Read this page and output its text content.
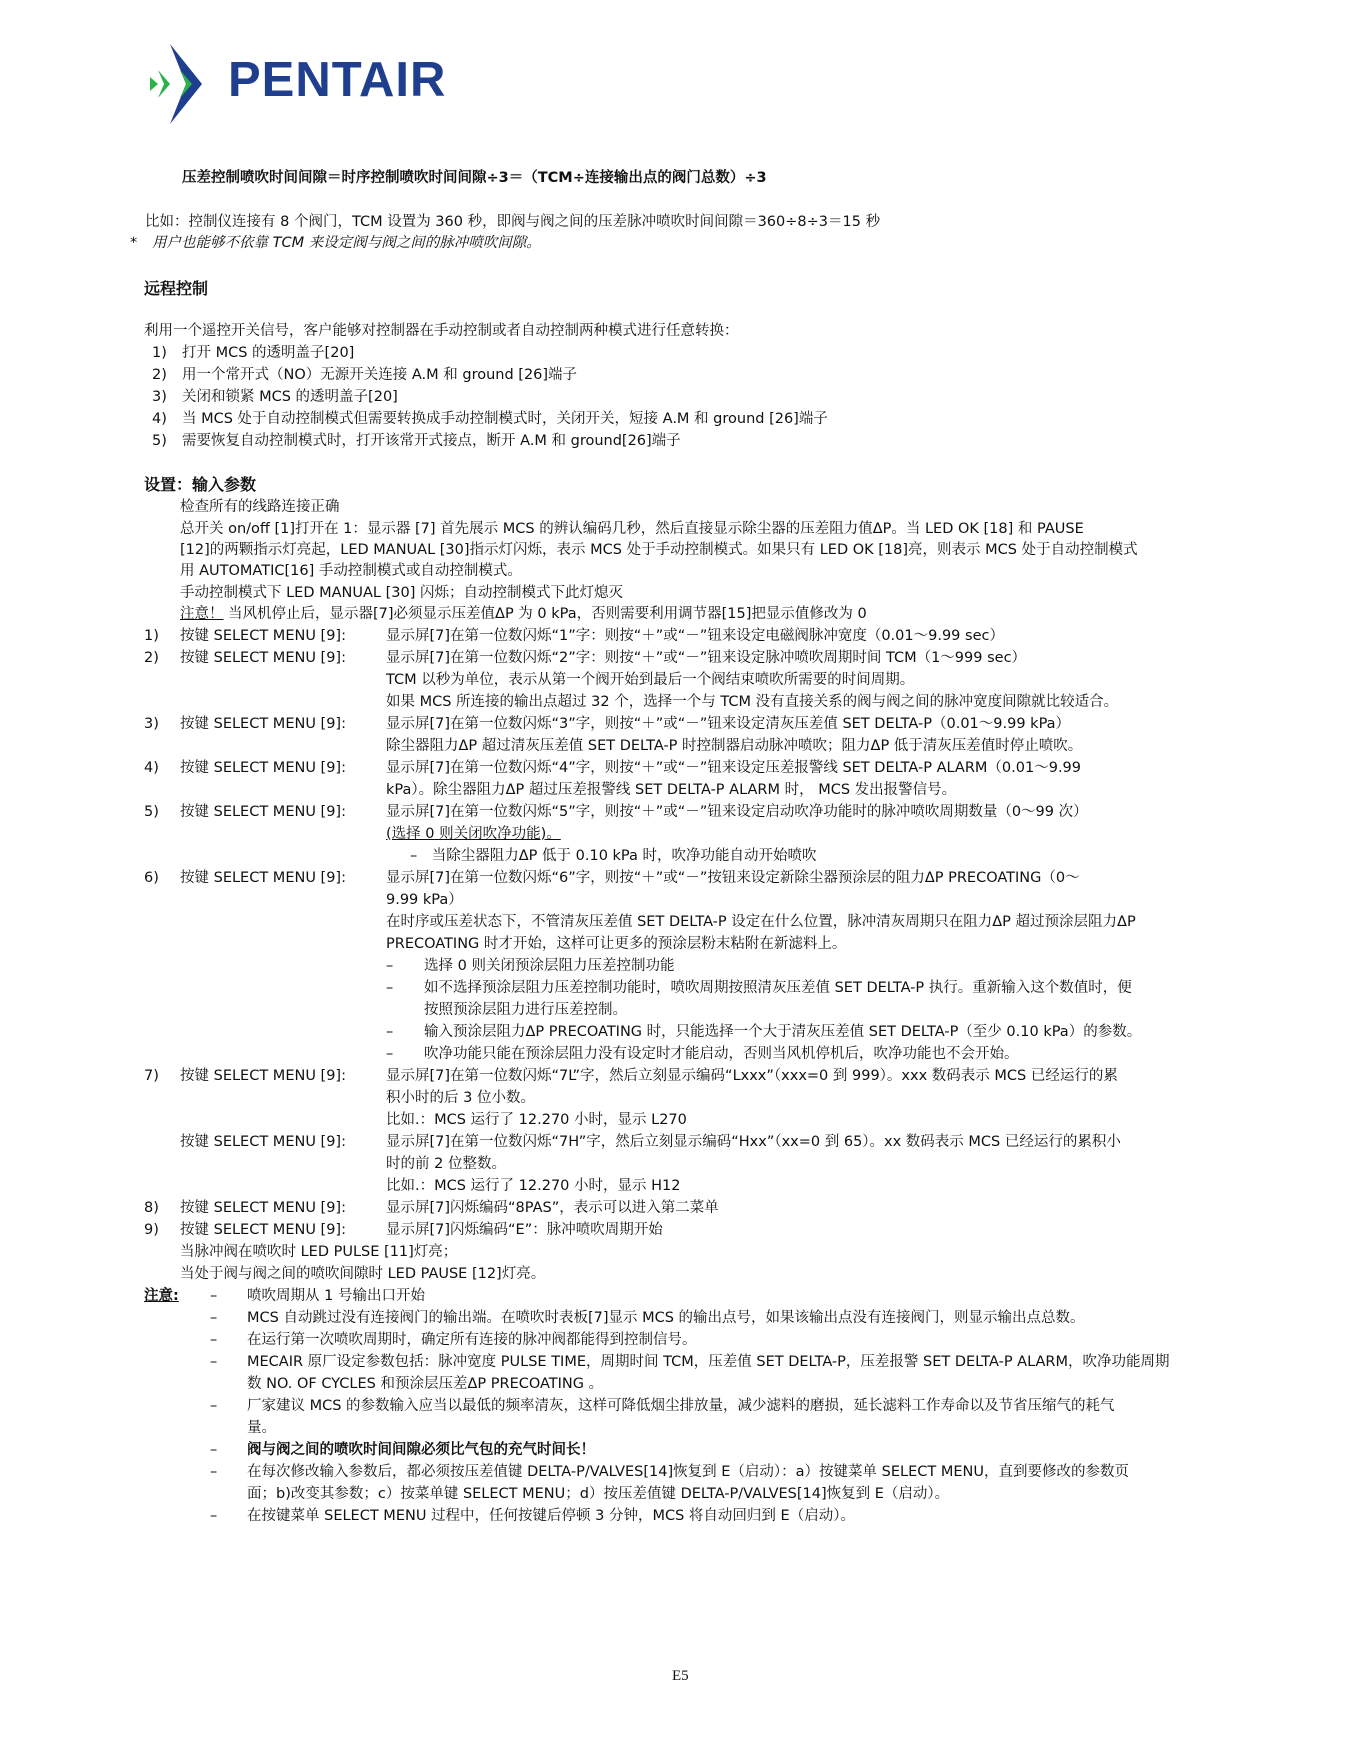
PENTAIR
压差控制喷吹时间间隙＝时序控制喷吹时间间隙÷3＝（TCM÷连接输出点的阀门总数）÷3
比如：控制仪连接有 8 个阀门，TCM 设置为 360 秒，即阀与阀之间的压差脉冲喷吹时间间隙＝360÷8÷3＝15 秒
* 用户也能够不依靠 TCM 来设定阀与阀之间的脉冲喷吹间隙。
远程控制
利用一个遥控开关信号，客户能够对控制器在手动控制或者自动控制两种模式进行任意转换：
1) 打开 MCS 的透明盖子[20]
2) 用一个常开式（NO）无源开关连接 A.M 和 ground [26]端子
3) 关闭和锁紧 MCS 的透明盖子[20]
4) 当 MCS 处于自动控制模式但需要转换成手动控制模式时，关闭开关，短接 A.M 和 ground [26]端子
5) 需要恢复自动控制模式时，打开该常开式接点，断开 A.M 和 ground[26]端子
设置：输入参数
检查所有的线路连接正确
总开关 on/off [1]打开在 1：显示器 [7] 首先展示 MCS 的辨认编码几秒，然后直接显示除尘器的压差阻力值ΔP。当 LED OK [18] 和 PAUSE
[12]的两颗指示灯亮起，LED MANUAL [30]指示灯闪烁，表示 MCS 处于手动控制模式。如果只有 LED OK [18]亮，则表示 MCS 处于自动控制模式
用 AUTOMATIC[16] 手动控制模式或自动控制模式。
手动控制模式下 LED MANUAL [30] 闪烁；自动控制模式下此灯熄灭
注意！ 当风机停止后，显示器[7]必须显示压差值ΔP 为 0 kPa，否则需要利用调节器[15]把显示值修改为 0
1) 按键 SELECT MENU [9]:	显示屏[7]在第一位数闪烁“1”字：则按“＋”或“－”钮来设定电磁阀脉冲宽度（0.01～9.99 sec）
2) 按键 SELECT MENU [9]:	显示屏[7]在第一位数闪烁“2”字：则按“＋”或“－”钮来设定脉冲喷吹周期时间 TCM（1～999 sec）
TCM 以秒为单位，表示从第一个阀开始到最后一个阀结束喷吹所需要的时间周期。
如果 MCS 所连接的输出点超过 32 个，选择一个与 TCM 没有直接关系的阀与阀之间的脉冲宽度间隙就比较适合。
3) 按键 SELECT MENU [9]:	显示屏[7]在第一位数闪烁“3”字，则按“＋”或“－”钮来设定清灰压差值 SET DELTA-P（0.01～9.99 kPa）
除尘器阻力ΔP 超过清灰压差值 SET DELTA-P 时控制器启动脉冲喷吹；阻力ΔP 低于清灰压差值时停止喷吹。
4) 按键 SELECT MENU [9]:	显示屏[7]在第一位数闪烁“4”字，则按“＋”或“－”钮来设定压差报警线 SET DELTA-P ALARM（0.01～9.99
kPa）。除尘器阻力ΔP 超过压差报警线 SET DELTA-P ALARM 时， MCS 发出报警信号。
5) 按键 SELECT MENU [9]:	显示屏[7]在第一位数闪烁“5”字，则按“＋”或“－”钮来设定启动吹净功能时的脉冲喷吹周期数量（0～99 次）
(选择 0 则关闭吹净功能)。
–　当除尘器阻力ΔP 低于 0.10 kPa 时，吹净功能自动开始喷吹
6) 按键 SELECT MENU [9]:	显示屏[7]在第一位数闪烁“6”字，则按“＋”或“－”按钮来设定新除尘器预涂层的阻力ΔP PRECOATING（0～
9.99 kPa）
在时序或压差状态下，不管清灰压差值 SET DELTA-P 设定在什么位置，脉冲清灰周期只在阻力ΔP 超过预涂层阻力ΔP
PRECOATING 时才开始，这样可让更多的预涂层粉末粘附在新滤料上。
– 选择 0 则关闭预涂层阻力压差控制功能
– 如不选择预涂层阻力压差控制功能时，喷吹周期按照清灰压差值 SET DELTA-P 执行。重新输入这个数值时，便
按照预涂层阻力进行压差控制。
– 输入预涂层阻力ΔP PRECOATING 时，只能选择一个大于清灰压差值 SET DELTA-P（至少 0.10 kPa）的参数。
– 吹净功能只能在预涂层阻力没有设定时才能启动，否则当风机停机后，吹净功能也不会开始。
7) 按键 SELECT MENU [9]:	显示屏[7]在第一位数闪烁“7L”字，然后立刻显示编码“Lxxx”（xxx=0 到 999）。xxx 数码表示 MCS 已经运行的累
积小时的后 3 位小数。
比如.：MCS 运行了 12.270 小时，显示 L270
按键 SELECT MENU [9]:	显示屏[7]在第一位数闪烁“7H”字，然后立刻显示编码“Hxx”（xx=0 到 65）。xx 数码表示 MCS 已经运行的累积小
时的前 2 位整数。
比如.：MCS 运行了 12.270 小时，显示 H12
8) 按键 SELECT MENU [9]:	显示屏[7]闪烁编码“8PAS”，表示可以进入第二菜单
9) 按键 SELECT MENU [9]:	显示屏[7]闪烁编码“E”：脉冲喷吹周期开始
当脉冲阀在喷吹时 LED PULSE [11]灯亮；
当处于阀与阀之间的喷吹间隙时 LED PAUSE [12]灯亮。
注意: – 喷吹周期从 1 号输出口开始
– MCS 自动跳过没有连接阀门的输出端。在喷吹时表板[7]显示 MCS 的输出点号，如果该输出点没有连接阀门，则显示输出点总数。
– 在运行第一次喷吹周期时，确定所有连接的脉冲阀都能得到控制信号。
– MECAIR 原厂设定参数包括：脉冲宽度 PULSE TIME，周期时间 TCM，压差值 SET DELTA-P，压差报警 SET DELTA-P ALARM，吹净功能周期
数 NO. OF CYCLES 和预涂层压差ΔP PRECOATING 。
– 厂家建议 MCS 的参数输入应当以最低的频率清灰，这样可降低烟尘排放量，减少滤料的磨损，延长滤料工作寿命以及节省压缩气的耗气
量。
– 阀与阀之间的喷吹时间间隙必须比气包的充气时间长！
– 在每次修改输入参数后，都必须按压差值键 DELTA-P/VALVES[14]恢复到 E（启动）：a）按键菜单 SELECT MENU，直到要修改的参数页
面；b)改变其参数；c）按菜单键 SELECT MENU；d）按压差值键 DELTA-P/VALVES[14]恢复到 E（启动）。
– 在按键菜单 SELECT MENU 过程中，任何按键后停顿 3 分钟，MCS 将自动回归到 E（启动）。
E5
